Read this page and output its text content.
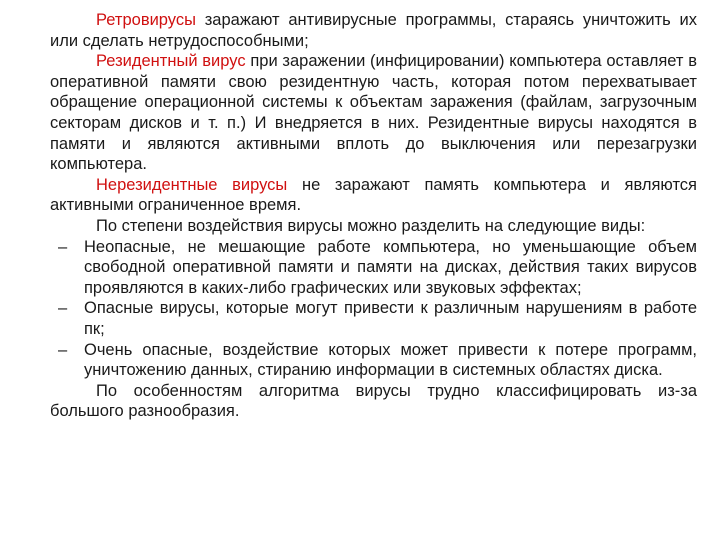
Ретровирусы заражают антивирусные программы, стараясь уничтожить их или сделать нетрудоспособными;

Резидентный вирус при заражении (инфицировании) компьютера оставляет в оперативной памяти свою резидентную часть, которая потом перехватывает обращение операционной системы к объектам заражения (файлам, загрузочным секторам дисков и т. п.) И внедряется в них. Резидентные вирусы находятся в памяти и являются активными вплоть до выключения или перезагрузки компьютера.

Нерезидентные вирусы не заражают память компьютера и являются активными ограниченное время.

По степени воздействия вирусы можно разделить на следующие виды:

– Неопасные, не мешающие работе компьютера, но уменьшающие объем свободной оперативной памяти и памяти на дисках, действия таких вирусов проявляются в каких-либо графических или звуковых эффектах;
– Опасные вирусы, которые могут привести к различным нарушениям в работе пк;
– Очень опасные, воздействие которых может привести к потере программ, уничтожению данных, стиранию информации в системных областях диска.

По особенностям алгоритма вирусы трудно классифицировать из-за большого разнообразия.
